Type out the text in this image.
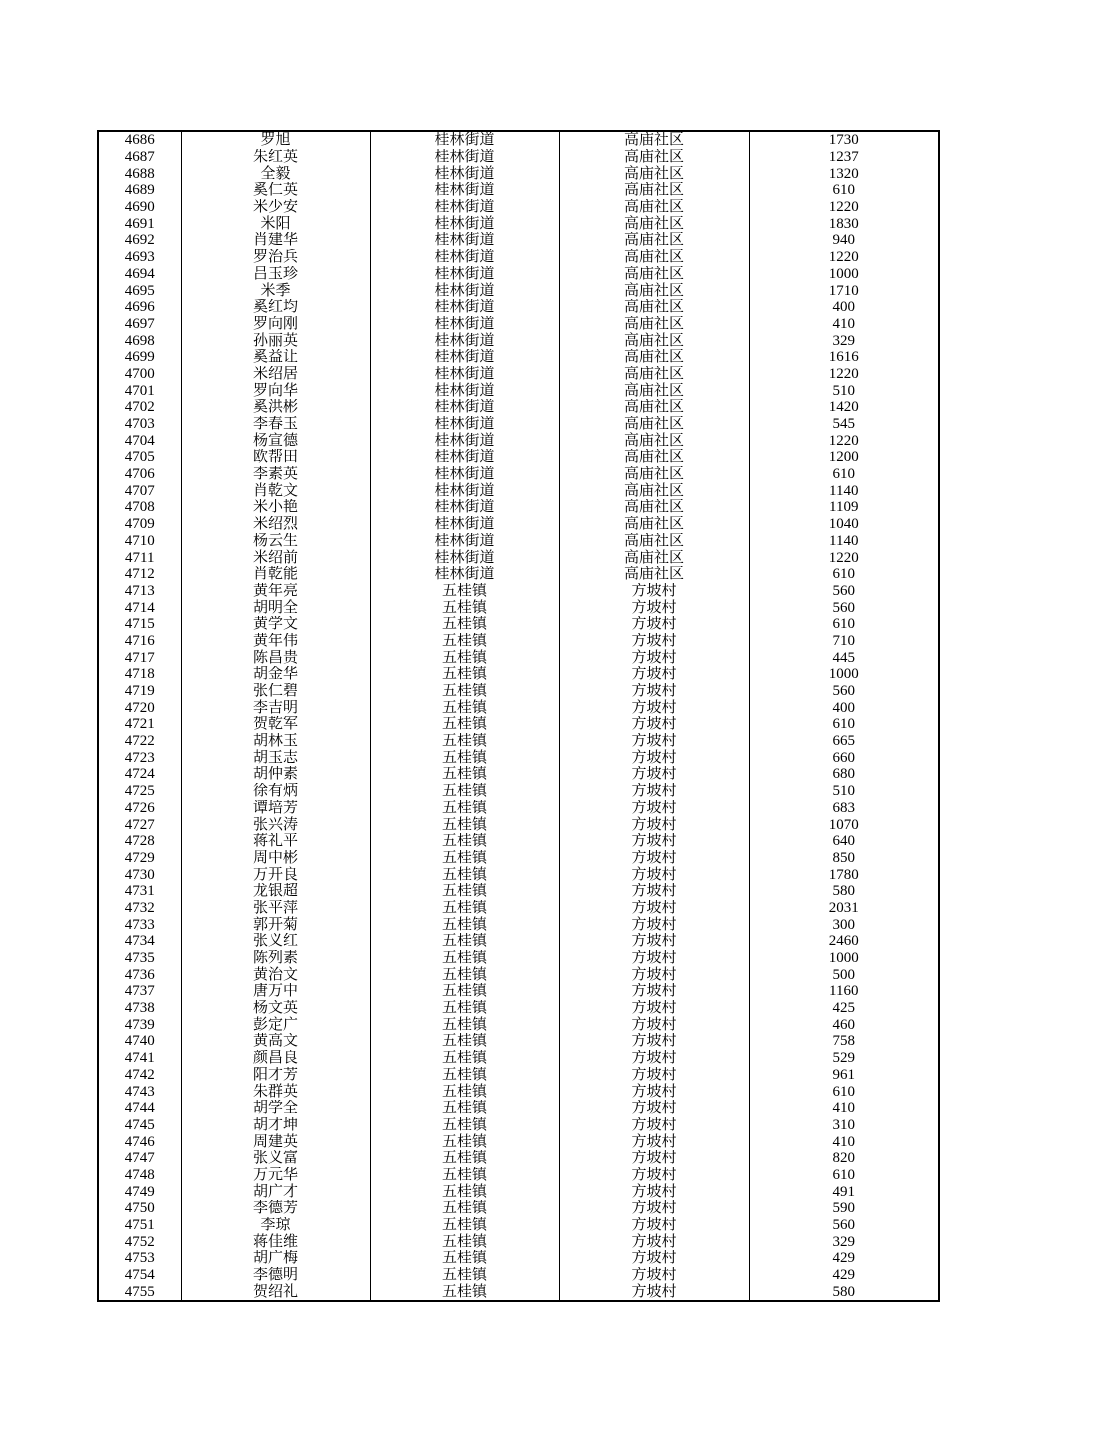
4686	罗旭	桂林街道	高庙社区	1730
4687	朱红英	桂林街道	高庙社区	1237
4688	全毅	桂林街道	高庙社区	1320
4689	奚仁英	桂林街道	高庙社区	610
4690	米少安	桂林街道	高庙社区	1220
4691	米阳	桂林街道	高庙社区	1830
4692	肖建华	桂林街道	高庙社区	940
4693	罗治兵	桂林街道	高庙社区	1220
4694	吕玉珍	桂林街道	高庙社区	1000
4695	米季	桂林街道	高庙社区	1710
4696	奚红均	桂林街道	高庙社区	400
4697	罗向刚	桂林街道	高庙社区	410
4698	孙丽英	桂林街道	高庙社区	329
4699	奚益让	桂林街道	高庙社区	1616
4700	米绍居	桂林街道	高庙社区	1220
4701	罗向华	桂林街道	高庙社区	510
4702	奚洪彬	桂林街道	高庙社区	1420
4703	李春玉	桂林街道	高庙社区	545
4704	杨宣德	桂林街道	高庙社区	1220
4705	欧帮田	桂林街道	高庙社区	1200
4706	李素英	桂林街道	高庙社区	610
4707	肖乾文	桂林街道	高庙社区	1140
4708	米小艳	桂林街道	高庙社区	1109
4709	米绍烈	桂林街道	高庙社区	1040
4710	杨云生	桂林街道	高庙社区	1140
4711	米绍前	桂林街道	高庙社区	1220
4712	肖乾能	桂林街道	高庙社区	610
4713	黄年亮	五桂镇	方坡村	560
4714	胡明全	五桂镇	方坡村	560
4715	黄学文	五桂镇	方坡村	610
4716	黄年伟	五桂镇	方坡村	710
4717	陈昌贵	五桂镇	方坡村	445
4718	胡金华	五桂镇	方坡村	1000
4719	张仁碧	五桂镇	方坡村	560
4720	李吉明	五桂镇	方坡村	400
4721	贺乾军	五桂镇	方坡村	610
4722	胡林玉	五桂镇	方坡村	665
4723	胡玉志	五桂镇	方坡村	660
4724	胡仲素	五桂镇	方坡村	680
4725	徐有炳	五桂镇	方坡村	510
4726	谭培芳	五桂镇	方坡村	683
4727	张兴涛	五桂镇	方坡村	1070
4728	蒋礼平	五桂镇	方坡村	640
4729	周中彬	五桂镇	方坡村	850
4730	万开良	五桂镇	方坡村	1780
4731	龙银超	五桂镇	方坡村	580
4732	张平萍	五桂镇	方坡村	2031
4733	郭开菊	五桂镇	方坡村	300
4734	张义红	五桂镇	方坡村	2460
4735	陈列素	五桂镇	方坡村	1000
4736	黄治文	五桂镇	方坡村	500
4737	唐万中	五桂镇	方坡村	1160
4738	杨文英	五桂镇	方坡村	425
4739	彭定广	五桂镇	方坡村	460
4740	黄高文	五桂镇	方坡村	758
4741	颜昌良	五桂镇	方坡村	529
4742	阳才芳	五桂镇	方坡村	961
4743	朱群英	五桂镇	方坡村	610
4744	胡学全	五桂镇	方坡村	410
4745	胡才坤	五桂镇	方坡村	310
4746	周建英	五桂镇	方坡村	410
4747	张义富	五桂镇	方坡村	820
4748	万元华	五桂镇	方坡村	610
4749	胡广才	五桂镇	方坡村	491
4750	李德芳	五桂镇	方坡村	590
4751	李琼	五桂镇	方坡村	560
4752	蒋佳维	五桂镇	方坡村	329
4753	胡广梅	五桂镇	方坡村	429
4754	李德明	五桂镇	方坡村	429
4755	贺绍礼	五桂镇	方坡村	580
